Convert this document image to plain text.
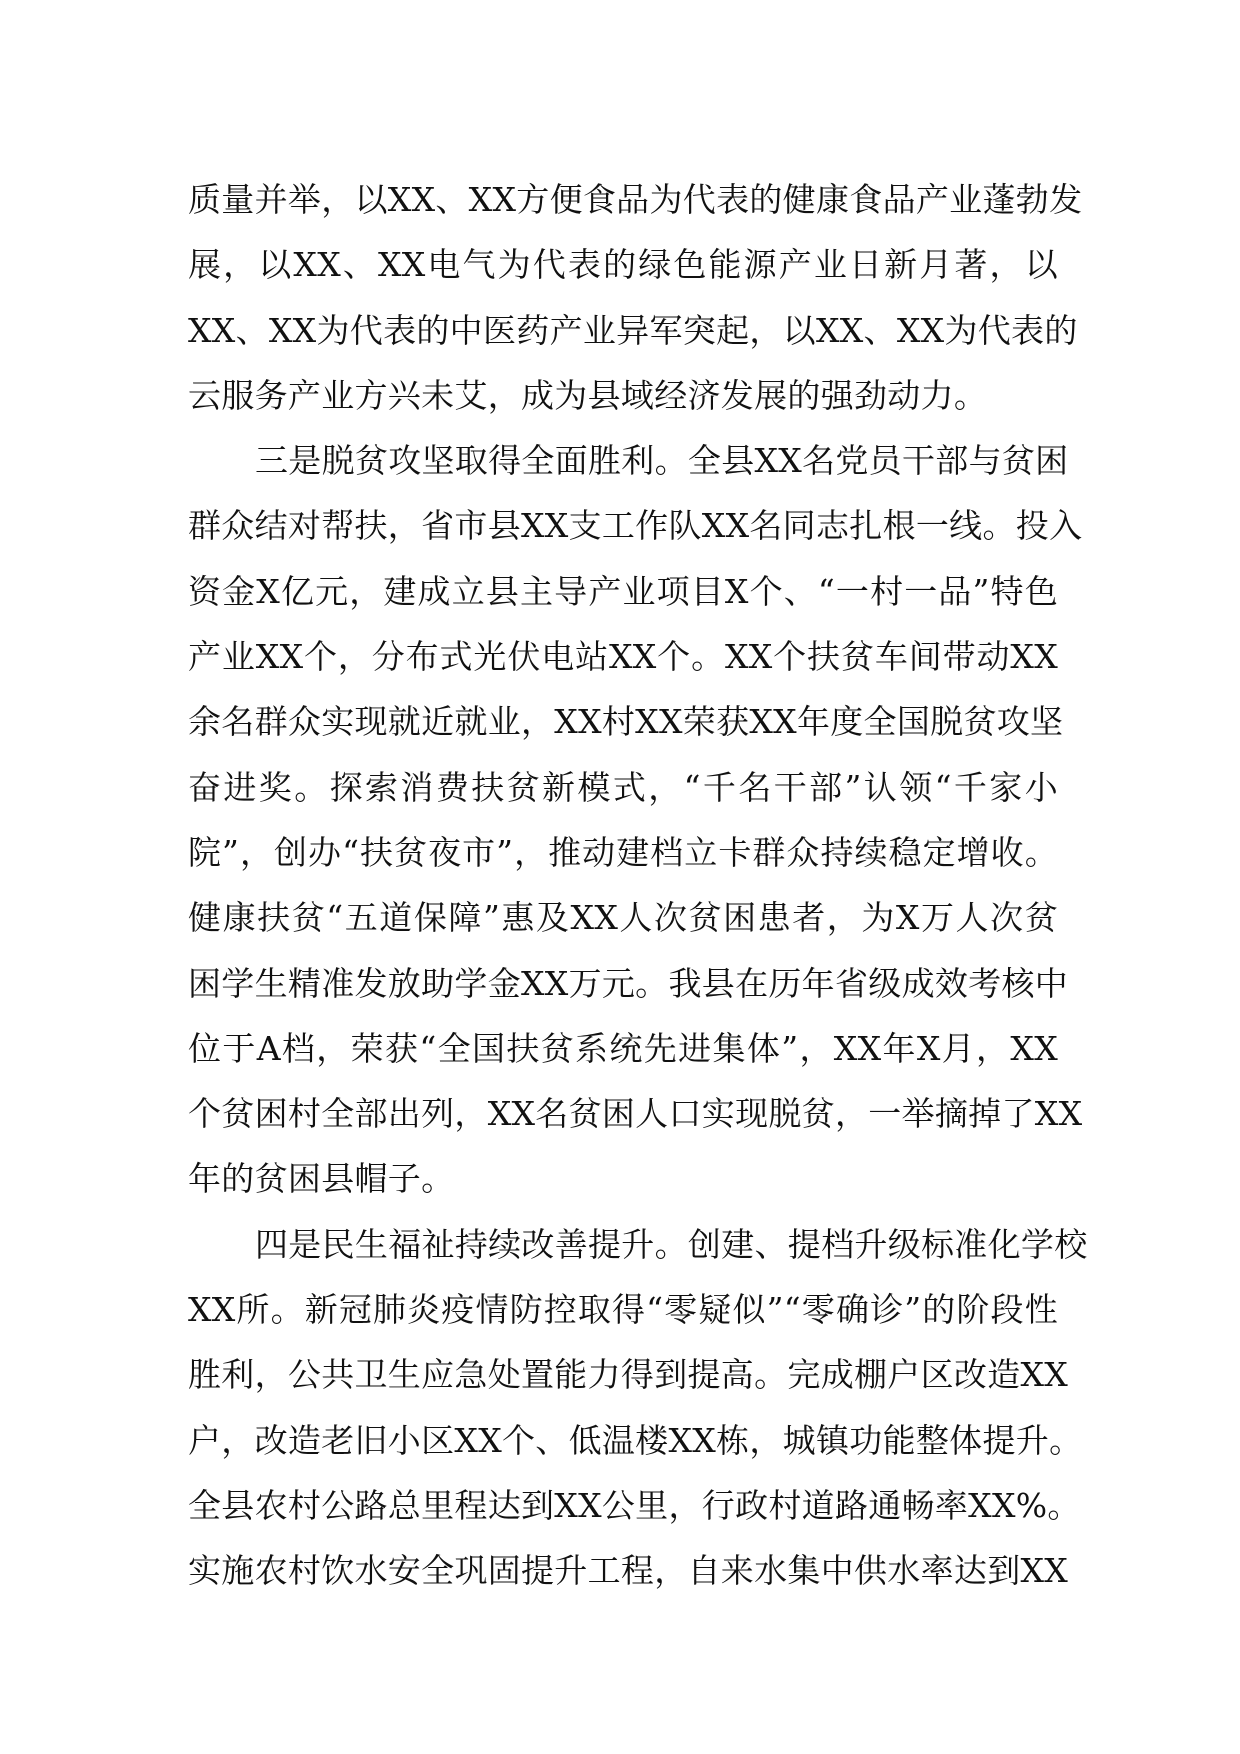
质量并举，以XX、XX方便食品为代表的健康食品产业蓬勃发
展，以XX、XX电气为代表的绿色能源产业日新月著，以
XX、XX为代表的中医药产业异军突起，以XX、XX为代表的
云服务产业方兴未艾，成为县域经济发展的强劲动力。
三是脱贫攻坚取得全面胜利。全县XX名党员干部与贫困
群众结对帮扶，省市县XX支工作队XX名同志扎根一线。投入
资金X亿元，建成立县主导产业项目X个、“一村一品”特色
产业XX个，分布式光伏电站XX个。XX个扶贫车间带动XX
余名群众实现就近就业，XX村XX荣获XX年度全国脱贫攻坚
奋进奖。探索消费扶贫新模式，“千名干部”认领“千家小
院”，创办“扶贫夜市”，推动建档立卡群众持续稳定增收。
健康扶贫“五道保障”惠及XX人次贫困患者，为X万人次贫
困学生精准发放助学金XX万元。我县在历年省级成效考核中
位于A档，荣获“全国扶贫系统先进集体”，XX年X月，XX
个贫困村全部出列，XX名贫困人口实现脱贫，一举摘掉了XX
年的贫困县帽子。
四是民生福祉持续改善提升。创建、提档升级标准化学校
XX所。新冠肺炎疫情防控取得“零疑似”“零确诊”的阶段性
胜利，公共卫生应急处置能力得到提高。完成棚户区改造XX
户，改造老旧小区XX个、低温楼XX栋，城镇功能整体提升。
全县农村公路总里程达到XX公里，行政村道路通畅率XX%。
实施农村饮水安全巩固提升工程，自来水集中供水率达到XX
